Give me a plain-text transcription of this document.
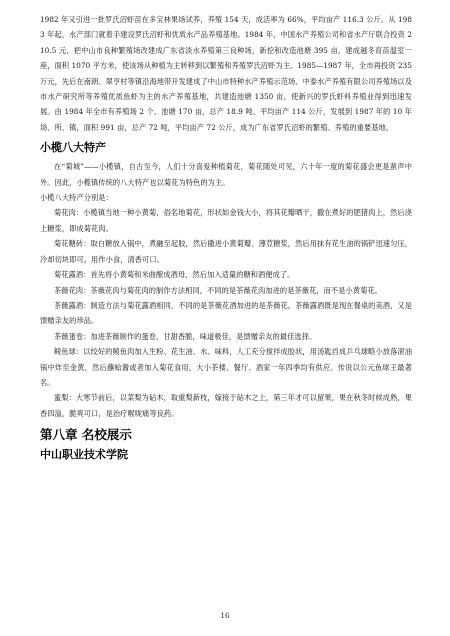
1982 年又引进一批罗氏沼虾苗在多宝林果场试养，养殖 154 天，成活率为 66%，平均亩产 116.3 公斤。从 1983 年起，水产部门就着手建设罗氏沼虾和优质水产品养殖基地。1984 年，中国水产养殖公司和省水产厅联合投资 210.5 元，把中山市良种繁殖场改建成广东省淡水养殖第三良种场，新挖和改造池塘 395 亩，建成越冬育苗温室一座，面积 1070 平方米，使该场从种植为主转移到以繁殖和养殖罗氏沼虾为主。1985—1987 年，全市再投资 235 万元，先后在南朗、翠亨村等镇沿海地带开发建成了中山市特种水产养殖示范场、中泰水产养殖有限公司养殖场以及市水产研究所等养殖优质鱼虾为主的水产养殖基地，共建造池塘 1350 亩，使新兴的罗氏虾科养殖业得到迅速发展。由 1984 年全市有养殖场 2 个、池塘 170 亩，总产 18.9 吨、平均亩产 114 公斤，发展到 1987 年的 10 年场、所、镇，面积 991 亩，总产 72 吨，平均亩产 72 公斤，成为广东省罗氏沼虾的繁殖、养殖的重要基地。

小榄八大特产

在“菊城”——小榄镇，自古至今，人们十分喜爱种植菊花，菊花随处可见，六十年一度的菊花盛会更是蜚声中外。因此，小榄镇传统的八大特产也以菊花为特色的为主。

小榄八大特产分别是：

菊花肉：小榄镇当地一种小黄菊，俗名地菊花，形状如金钱大小，将其花瓣晒干，撒在煮好的肥猪肉上，然后浇上糖浆，即成菊花肉。

菊花糖砖：取白糖放入锅中，煮融至起胶，然后撒进小黄菊瓣、薄荳糖浆，然后用抹有花生油的锅铲迅速匀压，冷却切块即可。用作小食，清香可口。

菊花露酒：首先将小黄菊和米曲酿成酒母，然后加入适量的糖和酒便成了。

茶薇花肉：茶薇花肉与菊花肉的制作方法相同，不同的是茶薇花肉加进的是茶薇花，而不是小黄菊花。

茶薇露酒：制造方法与菊花露酒相同，不同的是茶薇花酒加进的是茶薇花。茶薇露酒既是现在餐桌的美酒，又是馈赠亲友的珍品。

茶薇蛋卷：加进茶薇制作的蛋卷，甘甜香脆，味道极佳，是馈赠亲友的最佳选择。

鲮鱼球：以绞好的鲮鱼肉加入生粉、花生油、水、味料，人工充分搅拌成胶状，用汤匙舀成乒乓球略小放落滚油锅中炸至金黄，然后蘸蛤酱或者加入菊花食用，大小茶楼、餐厅、酒家一年四季均有供应。传说以公元鱼球王最著名。

蜜梨：大寒节前后，以菜梨为砧木，取重梨新枝，嫁接于砧木之上，第三年才可以留果，果在秋冬时候成熟，果香四溢，脆爽可口，是治疗喉咙痛等良药。

第八章 名校展示
中山职业技术学院
16
